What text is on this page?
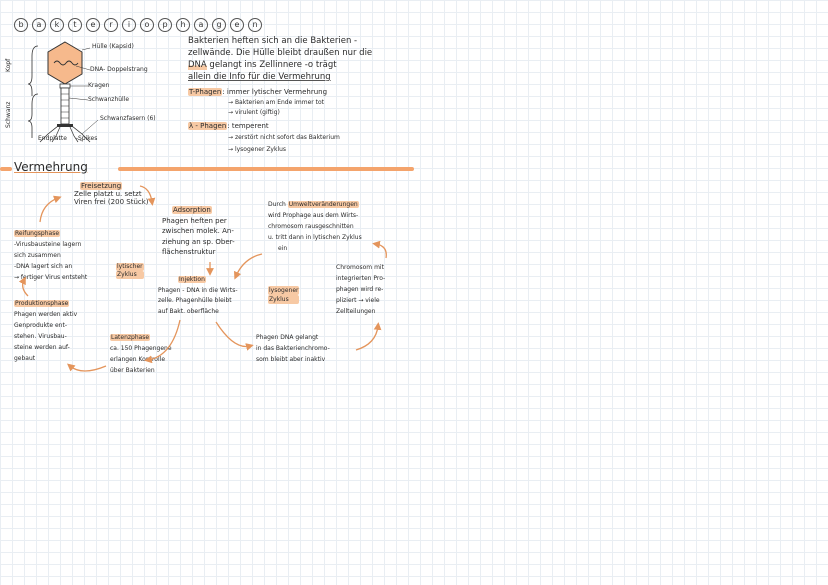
b a k t e r i o p h a g e n
Hülle (Kapsid)
DNA- Doppelstrang
Kragen
Schwanzhülle
Schwanzfasern (6)
Endplatte Spikes
Kopf
Schwanz
Bakterien heften sich an die Bakterien -
zellwände. Die Hülle bleibt draußen nur die
DNA gelangt ins Zellinnere -o trägt
allein die Info für die Vermehrung
T-Phagen: immer lytischer Vermehrung
→ Bakterien am Ende immer tot
→ virulent (giftig)
λ - Phagen: temperent
→ zerstört nicht sofort das Bakterium
→ lysogener Zyklus
Vermehrung
Freisetzung
Zelle platzt u. setzt
Viren frei (200 Stück)
Adsorption
Phagen heften per
zwischen molek. An-
ziehung an sp. Ober-
flächenstruktur
Reifungsphase
-Virusbausteine lagern
sich zusammen
-DNA lagert sich an
→ fertiger Virus entsteht
lytischer
Zyklus
Injektion
Phagen - DNA in die Wirts-
zelle. Phagenhülle bleibt
auf Bakt. oberfläche
Produktionsphase
Phagen werden aktiv
Genprodukte ent-
stehen. Virusbau-
steine werden auf-
gebaut
Latenzphase
ca. 150 Phagengene
erlangen Kontrolle
über Bakterien
Durch Umweltveränderungen
wird Prophage aus dem Wirts-
chromosom rausgeschnitten
u. tritt dann in lytischen Zyklus
ein
lysogener
Zyklus
Chromosom mit
integrierten Pro-
phagen wird re-
pliziert → viele
Zellteilungen
Phagen DNA gelangt
in das Bakterienchromo-
som bleibt aber inaktiv
